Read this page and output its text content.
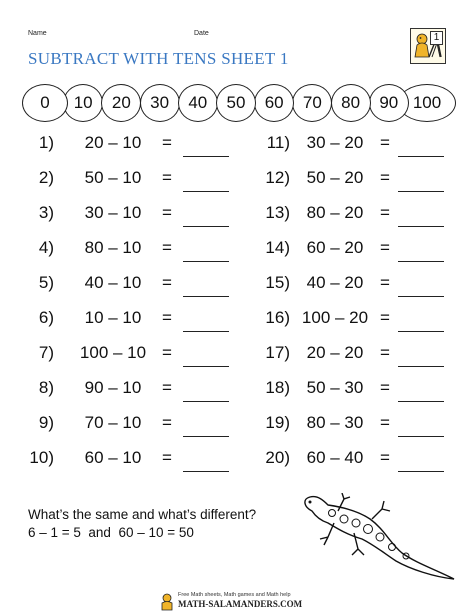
Name	Date
SUBTRACT WITH TENS SHEET 1
1
0	10	20	30	40	50	60	70	80	90 100
1)	20 – 10	=
2)	50 – 10	=
3)	30 – 10	=
4)	80 – 10	=
5)	40 – 10	=
6)	10 – 10	=
7)	100 – 10 =
8)	90 – 10	=
9)	70 – 10	=
10)	60 – 10	=
11) 30 – 20 =
12) 50 – 20 =
13) 80 – 20 =
14) 60 – 20 =
15) 40 – 20 =
16) 100 – 20 =
17) 20 – 20 =
18) 50 – 30 =
19) 80 – 30 =
20) 60 – 40 =
What’s the same and what’s different?
6 – 1 = 5  and  60 – 10 = 50
Free Math sheets, Math games and Math help
MATH-SALAMANDERS.COM
